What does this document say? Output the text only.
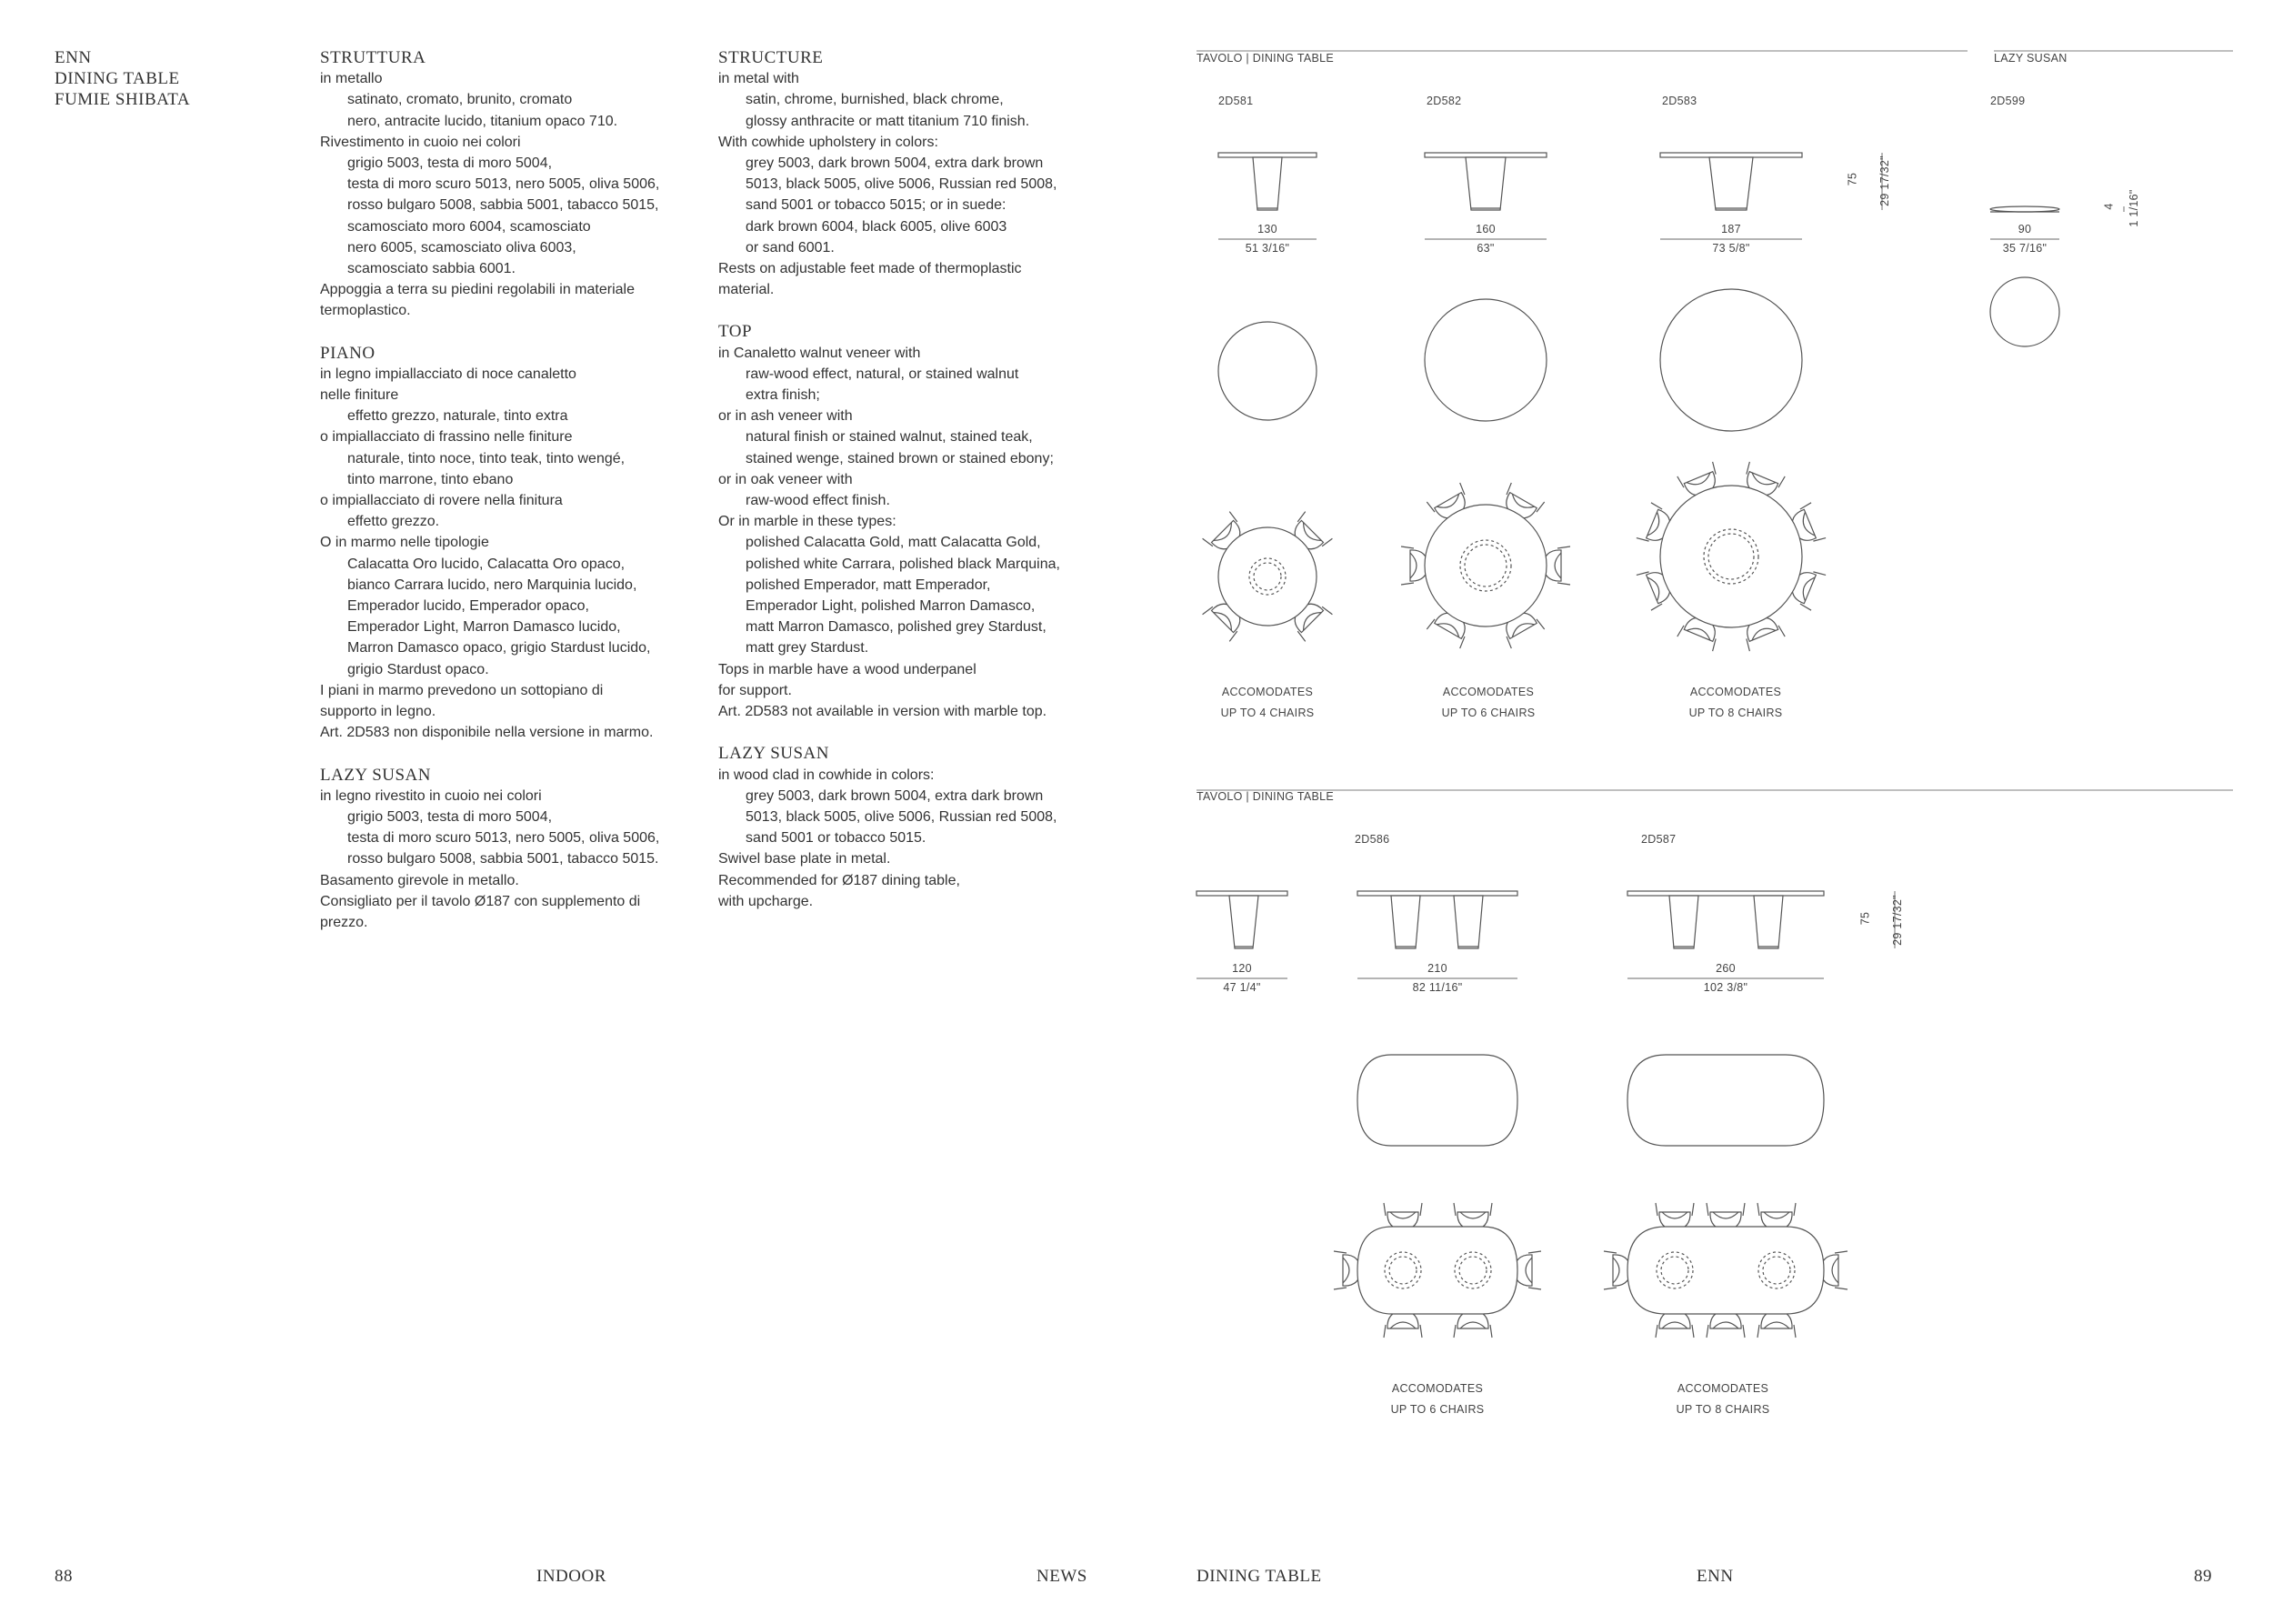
ENN
DINING TABLE
FUMIE SHIBATA
STRUTTURA
in metallo
satinato, cromato, brunito, cromato
nero, antracite lucido, titanium opaco 710.
Rivestimento in cuoio nei colori
grigio 5003, testa di moro 5004,
testa di moro scuro 5013, nero 5005, oliva 5006,
rosso bulgaro 5008, sabbia 5001, tabacco 5015,
scamosciato moro 6004, scamosciato
nero 6005, scamosciato oliva 6003,
scamosciato sabbia 6001.
Appoggia a terra su piedini regolabili in materiale
termoplastico.
PIANO
in legno impiallacciato di noce canaletto
nelle finiture
effetto grezzo, naturale, tinto extra
o impiallacciato di frassino nelle finiture
naturale, tinto noce, tinto teak, tinto wengé,
tinto marrone, tinto ebano
o impiallacciato di rovere nella finitura
effetto grezzo.
O in marmo nelle tipologie
Calacatta Oro lucido, Calacatta Oro opaco,
bianco Carrara lucido, nero Marquinia lucido,
Emperador lucido, Emperador opaco,
Emperador Light, Marron Damasco lucido,
Marron Damasco opaco, grigio Stardust lucido,
grigio Stardust opaco.
I piani in marmo prevedono un sottopiano di
supporto in legno.
Art. 2D583 non disponibile nella versione in marmo.
LAZY SUSAN
in legno rivestito in cuoio nei colori
grigio 5003, testa di moro 5004,
testa di moro scuro 5013, nero 5005, oliva 5006,
rosso bulgaro 5008, sabbia 5001, tabacco 5015.
Basamento girevole in metallo.
Consigliato per il tavolo Ø187 con supplemento di
prezzo.
STRUCTURE
in metal with
satin, chrome, burnished, black chrome,
glossy anthracite or matt titanium 710 finish.
With cowhide upholstery in colors:
grey 5003, dark brown 5004, extra dark brown
5013, black 5005, olive 5006, Russian red 5008,
sand 5001 or tobacco 5015; or in suede:
dark brown 6004, black 6005, olive 6003
or sand 6001.
Rests on adjustable feet made of thermoplastic
material.
TOP
in Canaletto walnut veneer with
raw-wood effect, natural, or stained walnut
extra finish;
or in ash veneer with
natural finish or stained walnut, stained teak,
stained wenge, stained brown or stained ebony;
or in oak veneer with
raw-wood effect finish.
Or in marble in these types:
polished Calacatta Gold, matt Calacatta Gold,
polished white Carrara, polished black Marquina,
polished Emperador, matt Emperador,
Emperador Light, polished Marron Damasco,
matt Marron Damasco, polished grey Stardust,
matt grey Stardust.
Tops in marble have a wood underpanel
for support.
Art. 2D583 not available in version with marble top.
LAZY SUSAN
in wood clad in cowhide in colors:
grey 5003, dark brown 5004, extra dark brown
5013, black 5005, olive 5006, Russian red 5008,
sand 5001 or tobacco 5015.
Swivel base plate in metal.
Recommended for Ø187 dining table,
with upcharge.
TAVOLO | DINING TABLE	LAZY SUSAN
TAVOLO | DINING TABLE
2D581	2D582	2D583	2D599
2D586	2D587
130
51 3/16"
160
63"
187
73 5/8"
90
35 7/16"
75 29 17/32"
4 1 1/16"
ACCOMODATES
UP TO 4 CHAIRS
ACCOMODATES
UP TO 6 CHAIRS
ACCOMODATES
UP TO 8 CHAIRS
120
47 1/4"
210
82 11/16"
260
102 3/8"
75 29 17/32"
ACCOMODATES
UP TO 6 CHAIRS
ACCOMODATES
UP TO 8 CHAIRS
88	INDOOR	NEWS	DINING TABLE	ENN	89
